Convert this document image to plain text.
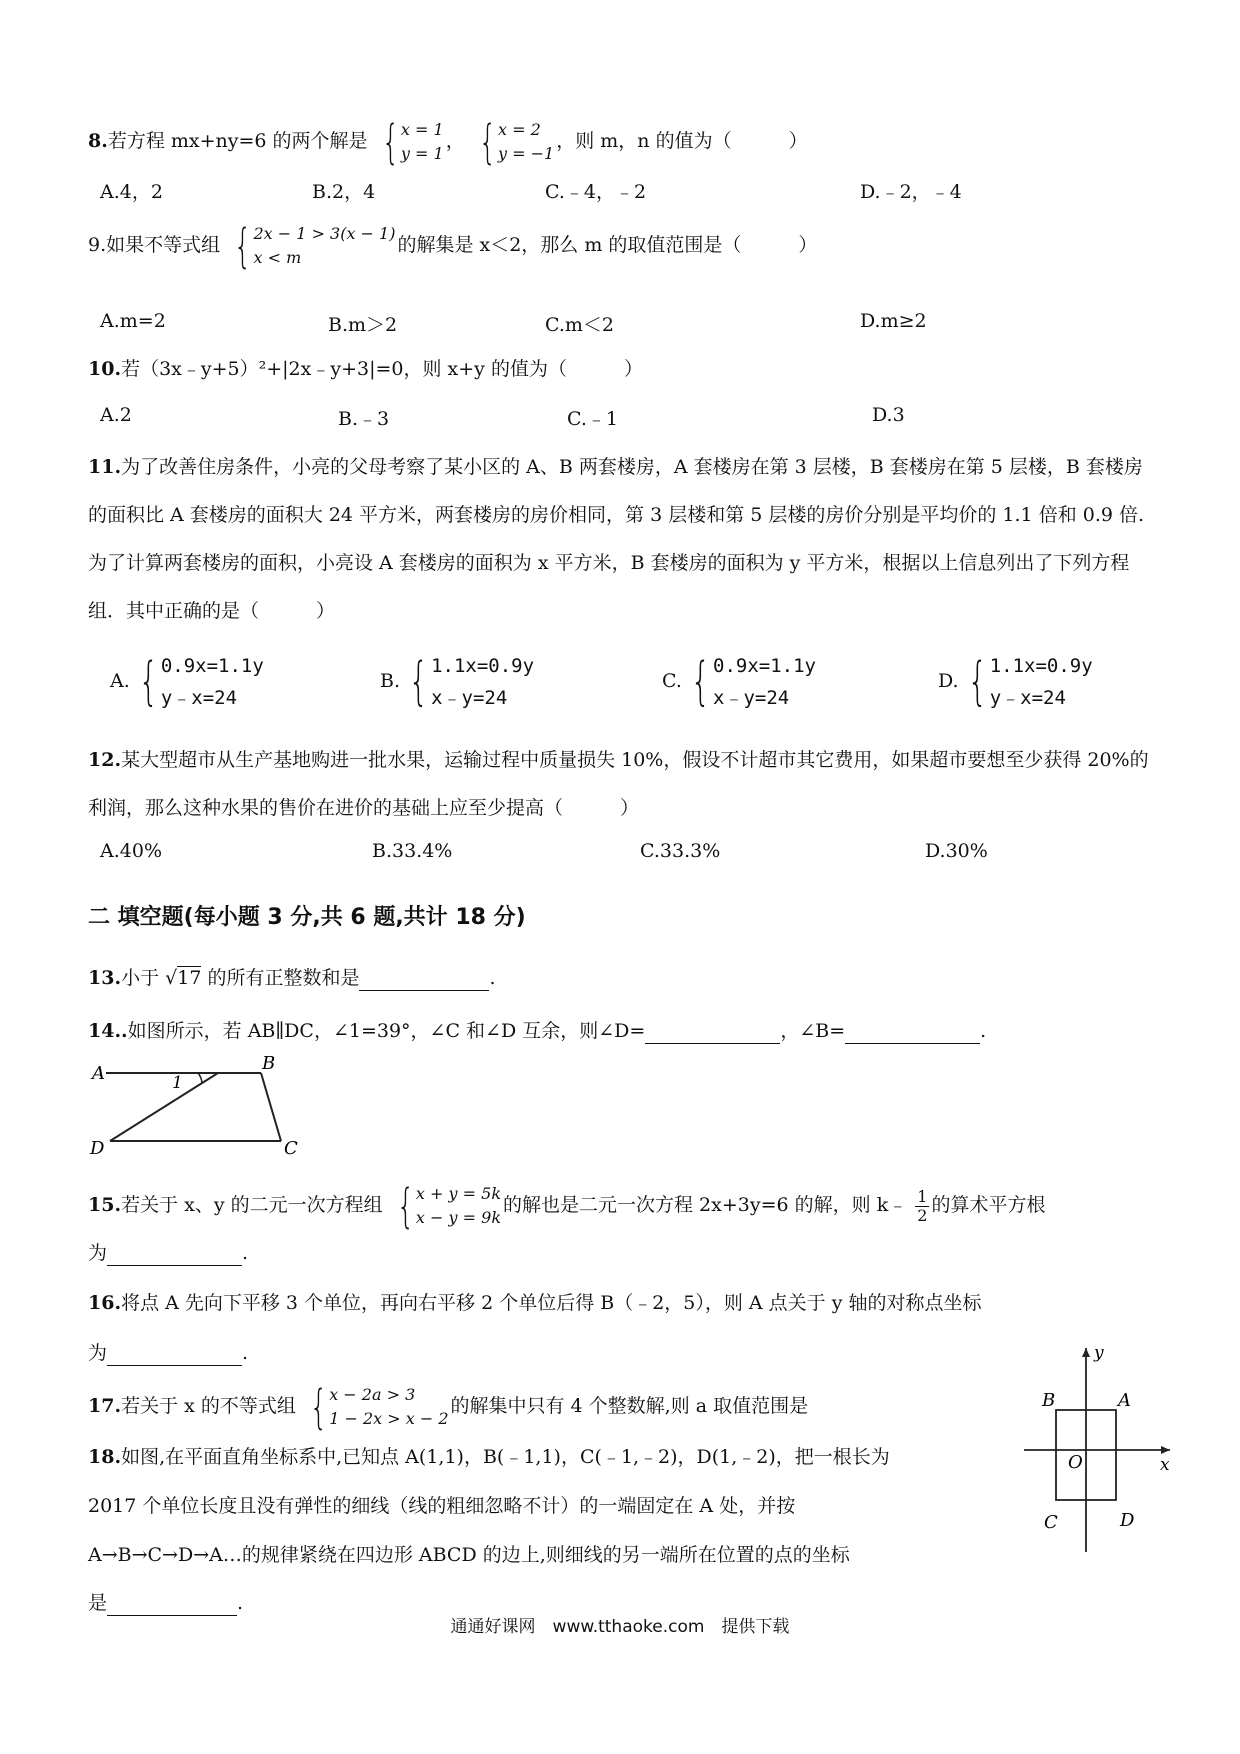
8.若方程 mx+ny=6 的两个解是 { x = 1
y = 1
， { x = 2
y = −1
，则 m，n 的值为（　　　）
A.4，2	B.2，4	C.﹣4，﹣2	D.﹣2，﹣4
9.如果不等式组 { 2x − 1 > 3(x − 1)
x < m
的解集是 x＜2，那么 m 的取值范围是（　　　）
A.m=2	B.m＞2	C.m＜2	D.m≥2
10.若（3x﹣y+5）²+|2x﹣y+3|=0，则 x+y 的值为（　　　）
A.2	B.﹣3	C.﹣1	D.3
11.为了改善住房条件，小亮的父母考察了某小区的 A、B 两套楼房，A 套楼房在第 3 层楼，B 套楼房在第 5 层楼，B 套楼房的面积比 A 套楼房的面积大 24 平方米，两套楼房的房价相同，第 3 层楼和第 5 层楼的房价分别是平均价的 1.1 倍和 0.9 倍.为了计算两套楼房的面积，小亮设 A 套楼房的面积为 x 平方米，B 套楼房的面积为 y 平方米，根据以上信息列出了下列方程组．其中正确的是（　　　）
A. { 0.9x=1.1y
y﹣x=24
B. { 1.1x=0.9y
x﹣y=24
C. { 0.9x=1.1y
x﹣y=24
D. { 1.1x=0.9y
y﹣x=24
12.某大型超市从生产基地购进一批水果，运输过程中质量损失 10%，假设不计超市其它费用，如果超市要想至少获得 20%的利润，那么这种水果的售价在进价的基础上应至少提高（　　　）
A.40%	B.33.4%	C.33.3%	D.30%
二 填空题(每小题 3 分,共 6 题,共计 18 分)
13.小于 √17 的所有正整数和是	.
14..如图所示，若 AB∥DC，∠1=39°，∠C 和∠D 互余，则∠D=	，∠B=	.
A	B
C
D
1
15.若关于 x、y 的二元一次方程组 { x + y = 5k
x − y = 9k
的解也是二元一次方程 2x+3y=6 的解，则 k﹣ $\frac{1}{2}$ 的算术平方根
为	.
16.将点 A 先向下平移 3 个单位，再向右平移 2 个单位后得 B（﹣2，5），则 A 点关于 y 轴的对称点坐标
为	.
17.若关于 x 的不等式组 { x − 2a > 3
1 − 2x > x − 2
的解集中只有 4 个整数解,则 a 取值范围是
18.如图,在平面直角坐标系中,已知点 A(1,1)，B(﹣1,1)，C(﹣1,﹣2)，D(1,﹣2)，把一根长为
2017 个单位长度且没有弹性的细线（线的粗细忽略不计）的一端固定在 A 处，并按
A→B→C→D→A…的规律紧绕在四边形 ABCD 的边上,则细线的另一端所在位置的点的坐标
是	.
B	A
C	D
O	x
y
通通好课网　www.tthaoke.com　提供下载
